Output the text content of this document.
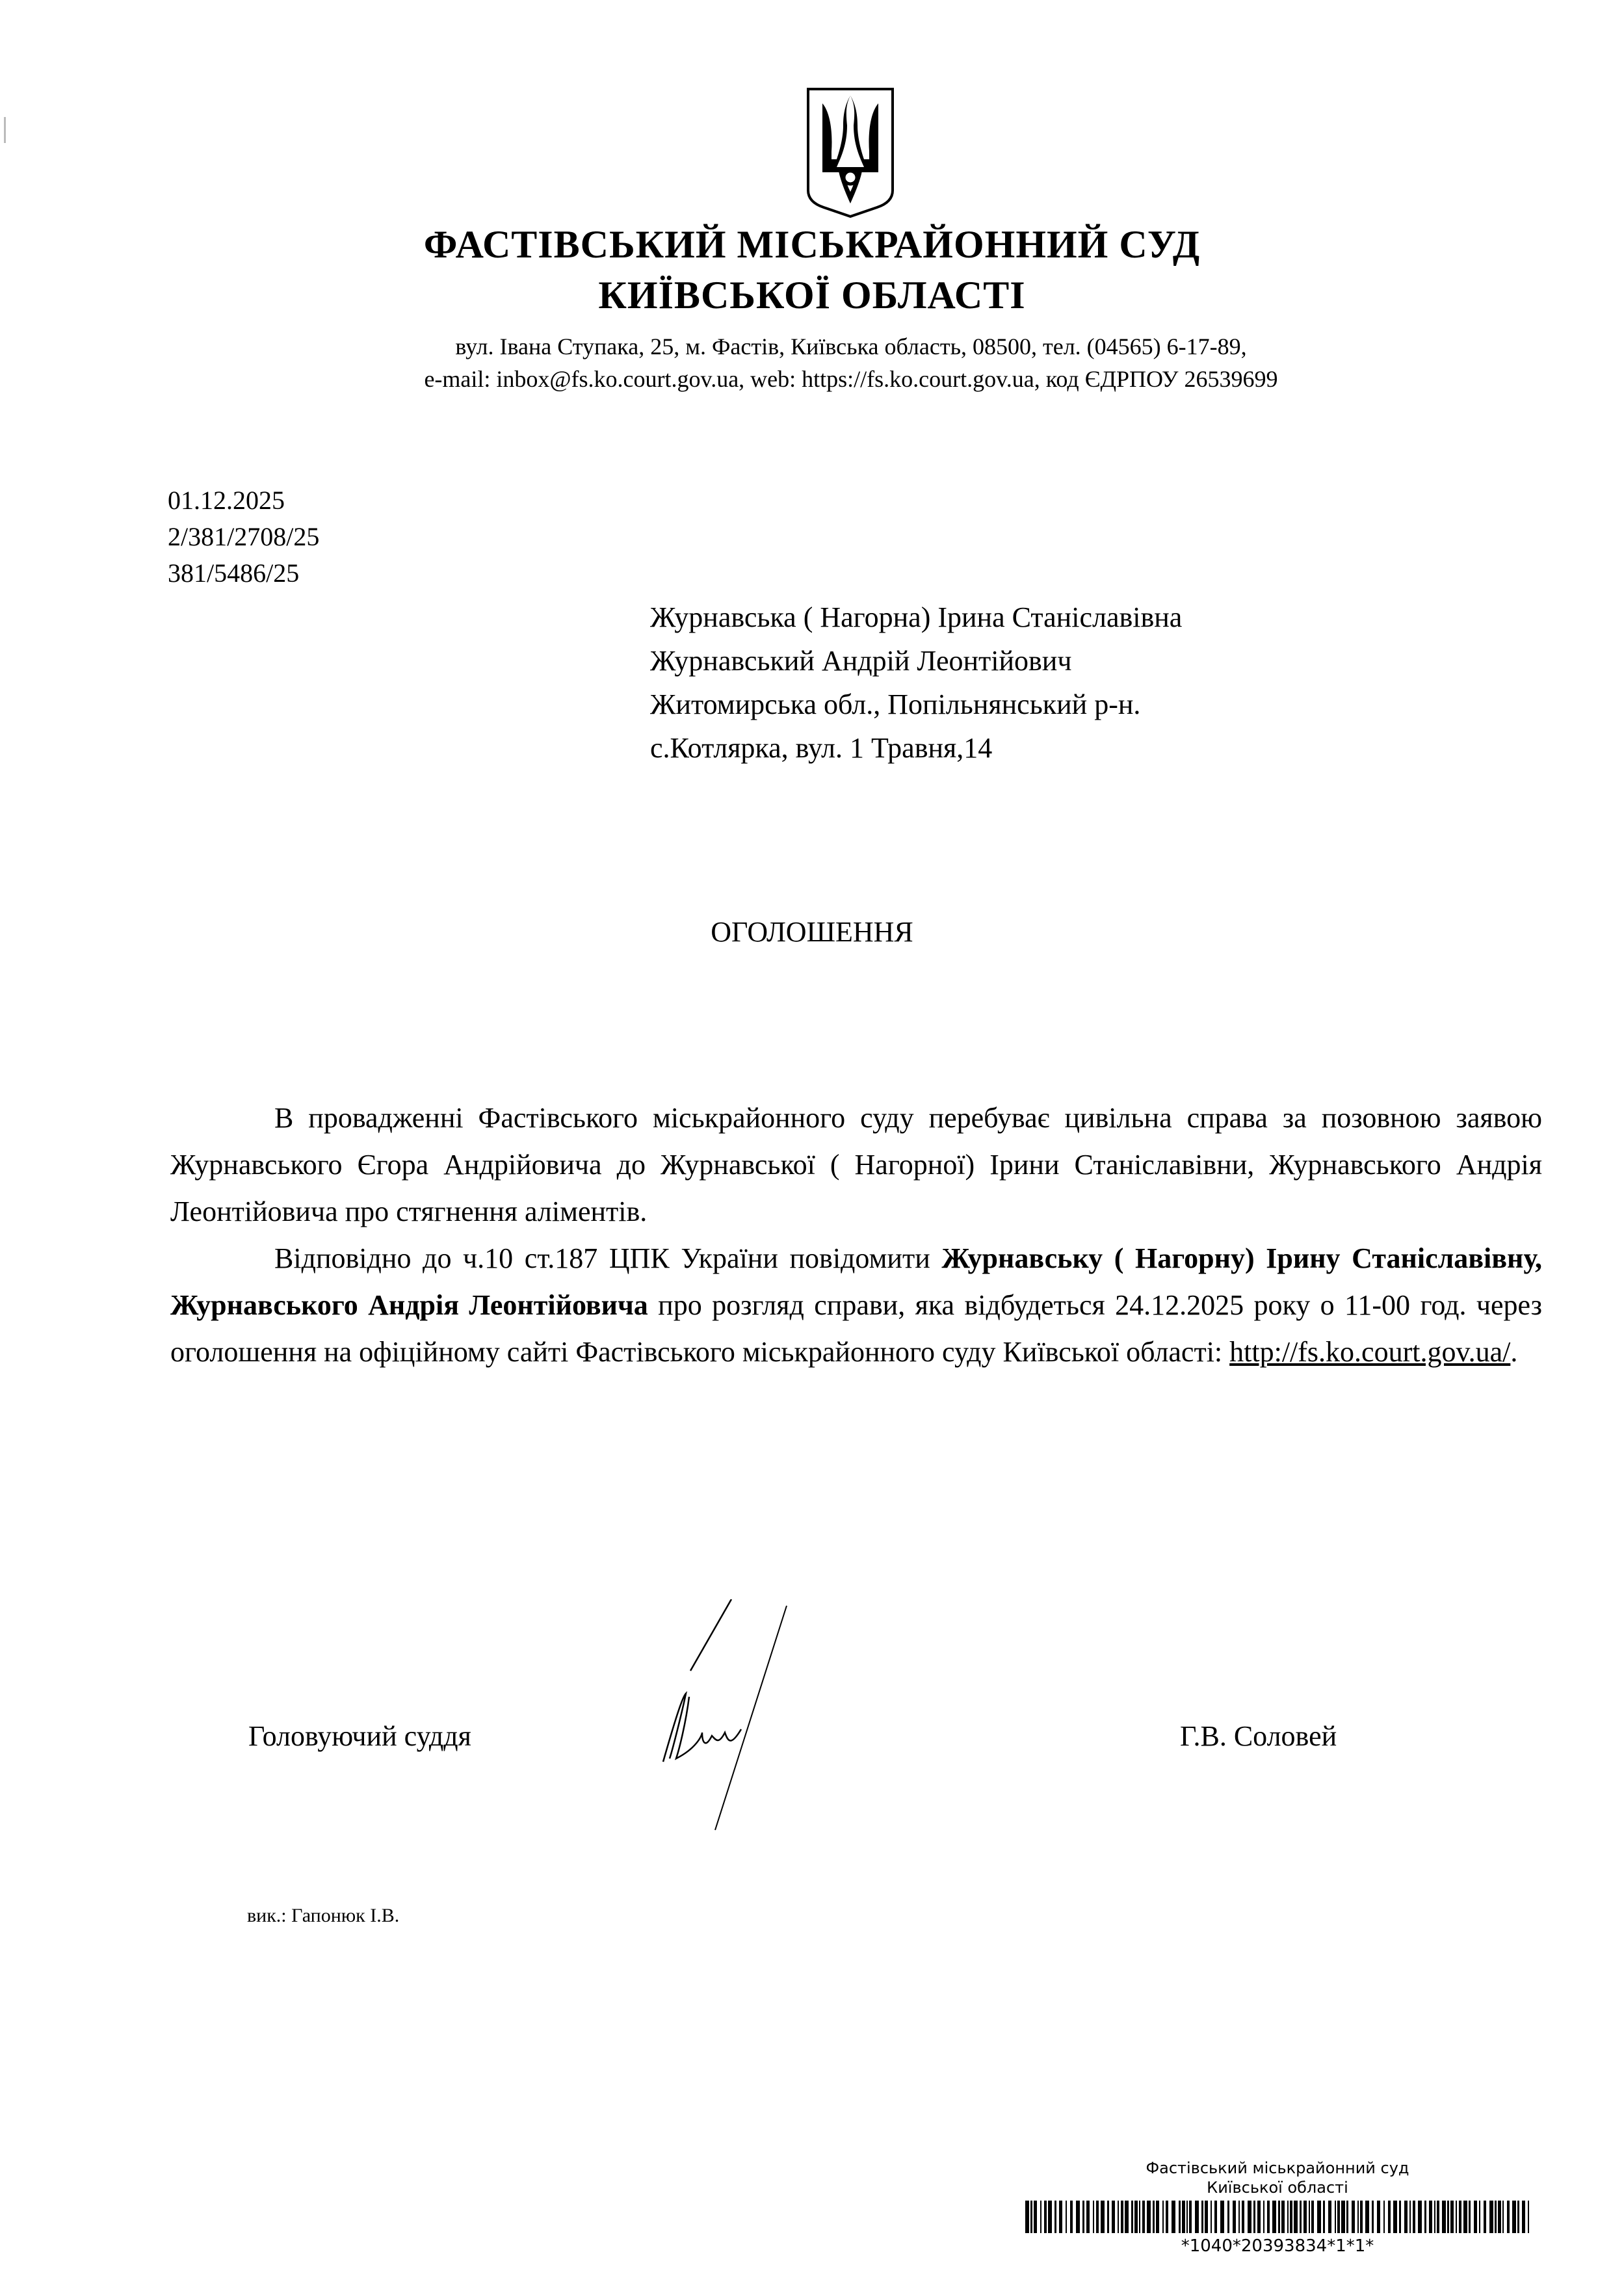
ФАСТІВСЬКИЙ МІСЬКРАЙОННИЙ СУД
КИЇВСЬКОЇ ОБЛАСТІ
вул. Івана Ступака, 25, м. Фастів, Київська область, 08500, тел. (04565) 6-17-89,
e-mail: inbox@fs.ko.court.gov.ua, web: https://fs.ko.court.gov.ua, код ЄДРПОУ 26539699
01.12.2025
2/381/2708/25
381/5486/25
Журнавська ( Нагорна) Ірина Станіславівна
Журнавський Андрій Леонтійович
Житомирська обл., Попільнянський р-н.
с.Котлярка, вул. 1 Травня,14
ОГОЛОШЕННЯ

В провадженні Фастівського міськрайонного суду перебуває цивільна справа за позовною заявою Журнавського Єгора Андрійовича до Журнавської ( Нагорної) Ірини Станіславівни, Журнавського Андрія Леонтійовича про стягнення аліментів.

Відповідно до ч.10 ст.187 ЦПК України повідомити Журнавську ( Нагорну) Ірину Станіславівну, Журнавського Андрія Леонтійовича про розгляд справи, яка відбудеться 24.12.2025 року о 11-00 год. через оголошення на офіційному сайті Фастівського міськрайонного суду Київської області: http://fs.ko.court.gov.ua/.

Головуючий суддя	Г.В. Соловей
вик.: Гапонюк І.В.
Фастівський міськрайонний суд
Київської області
*1040*20393834*1*1*
